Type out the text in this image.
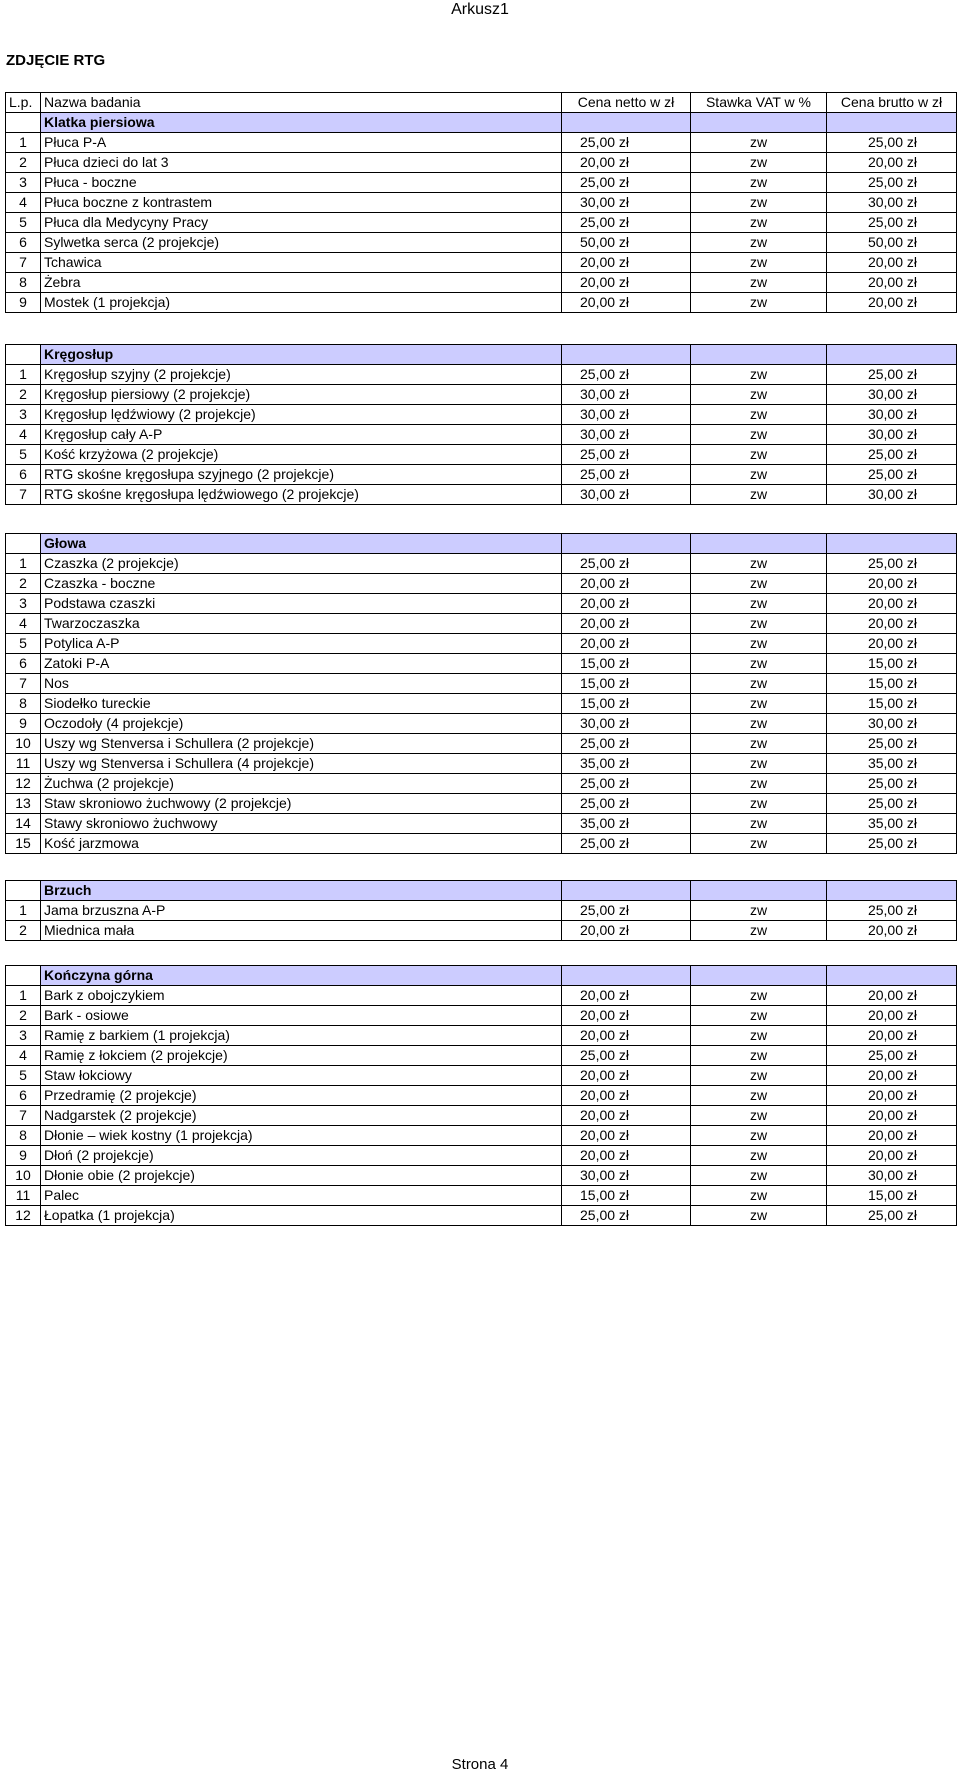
Arkusz1
ZDJĘCIE RTG
L.p.	Nazwa badania	Cena netto w zł	Stawka VAT w %	Cena brutto w zł
	Klatka piersiowa			
1	Płuca P-A	25,00 zł	zw	25,00 zł
2	Płuca dzieci do lat 3	20,00 zł	zw	20,00 zł
3	Płuca - boczne	25,00 zł	zw	25,00 zł
4	Płuca boczne z kontrastem	30,00 zł	zw	30,00 zł
5	Płuca dla Medycyny Pracy	25,00 zł	zw	25,00 zł
6	Sylwetka serca (2 projekcje)	50,00 zł	zw	50,00 zł
7	Tchawica	20,00 zł	zw	20,00 zł
8	Żebra	20,00 zł	zw	20,00 zł
9	Mostek (1 projekcja)	20,00 zł	zw	20,00 zł
	Kręgosłup			
1	Kręgosłup szyjny (2 projekcje)	25,00 zł	zw	25,00 zł
2	Kręgosłup piersiowy (2 projekcje)	30,00 zł	zw	30,00 zł
3	Kręgosłup lędźwiowy (2 projekcje)	30,00 zł	zw	30,00 zł
4	Kręgosłup cały A-P	30,00 zł	zw	30,00 zł
5	Kość krzyżowa (2 projekcje)	25,00 zł	zw	25,00 zł
6	RTG skośne kręgosłupa szyjnego (2 projekcje)	25,00 zł	zw	25,00 zł
7	RTG skośne kręgosłupa lędźwiowego (2 projekcje)	30,00 zł	zw	30,00 zł
	Głowa			
1	Czaszka (2 projekcje)	25,00 zł	zw	25,00 zł
2	Czaszka - boczne	20,00 zł	zw	20,00 zł
3	Podstawa czaszki	20,00 zł	zw	20,00 zł
4	Twarzoczaszka	20,00 zł	zw	20,00 zł
5	Potylica A-P	20,00 zł	zw	20,00 zł
6	Zatoki P-A	15,00 zł	zw	15,00 zł
7	Nos	15,00 zł	zw	15,00 zł
8	Siodełko tureckie	15,00 zł	zw	15,00 zł
9	Oczodoły (4 projekcje)	30,00 zł	zw	30,00 zł
10	Uszy wg Stenversa i Schullera (2 projekcje)	25,00 zł	zw	25,00 zł
11	Uszy wg Stenversa i Schullera (4 projekcje)	35,00 zł	zw	35,00 zł
12	Żuchwa (2 projekcje)	25,00 zł	zw	25,00 zł
13	Staw skroniowo żuchwowy (2 projekcje)	25,00 zł	zw	25,00 zł
14	Stawy skroniowo żuchwowy	35,00 zł	zw	35,00 zł
15	Kość jarzmowa	25,00 zł	zw	25,00 zł
	Brzuch			
1	Jama brzuszna A-P	25,00 zł	zw	25,00 zł
2	Miednica mała	20,00 zł	zw	20,00 zł
	Kończyna górna			
1	Bark z obojczykiem	20,00 zł	zw	20,00 zł
2	Bark - osiowe	20,00 zł	zw	20,00 zł
3	Ramię z barkiem (1 projekcja)	20,00 zł	zw	20,00 zł
4	Ramię z łokciem (2 projekcje)	25,00 zł	zw	25,00 zł
5	Staw łokciowy	20,00 zł	zw	20,00 zł
6	Przedramię (2 projekcje)	20,00 zł	zw	20,00 zł
7	Nadgarstek (2 projekcje)	20,00 zł	zw	20,00 zł
8	Dłonie – wiek kostny (1 projekcja)	20,00 zł	zw	20,00 zł
9	Dłoń (2 projekcje)	20,00 zł	zw	20,00 zł
10	Dłonie obie (2 projekcje)	30,00 zł	zw	30,00 zł
11	Palec	15,00 zł	zw	15,00 zł
12	Łopatka (1 projekcja)	25,00 zł	zw	25,00 zł
Strona 4
